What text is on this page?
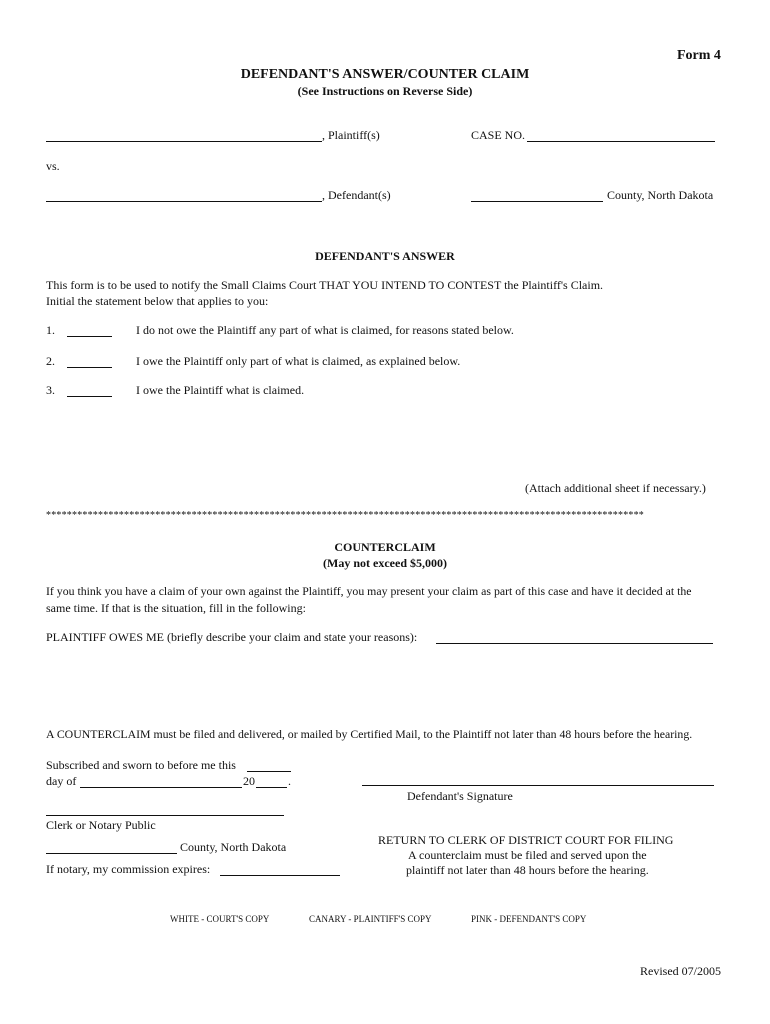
Form 4
DEFENDANT'S ANSWER/COUNTER CLAIM
(See Instructions on Reverse Side)
, Plaintiff(s)	CASE NO.
vs.
, Defendant(s)	County, North Dakota
DEFENDANT'S ANSWER
This form is to be used to notify the Small Claims Court THAT YOU INTEND TO CONTEST the Plaintiff's Claim.
Initial the statement below that applies to you:
1.	I do not owe the Plaintiff any part of what is claimed, for reasons stated below.
2.	I owe the Plaintiff only part of what is claimed, as explained below.
3.	I owe the Plaintiff what is claimed.
(Attach additional sheet if necessary.)
*******************************************************************************************************************
COUNTERCLAIM
(May not exceed $5,000)
If you think you have a claim of your own against the Plaintiff, you may present your claim as part of this case and have it decided at the
same time. If that is the situation, fill in the following:
PLAINTIFF OWES ME (briefly describe your claim and state your reasons):
A COUNTERCLAIM must be filed and delivered, or mailed by Certified Mail, to the Plaintiff not later than 48 hours before the hearing.
Subscribed and sworn to before me this
day of	20	.
Defendant's Signature
Clerk or Notary Public
County, North Dakota
If notary, my commission expires:
RETURN TO CLERK OF DISTRICT COURT FOR FILING
A counterclaim must be filed and served upon the
plaintiff not later than 48 hours before the hearing.
WHITE - COURT'S COPY	CANARY - PLAINTIFF'S COPY	PINK - DEFENDANT'S COPY
Revised 07/2005
